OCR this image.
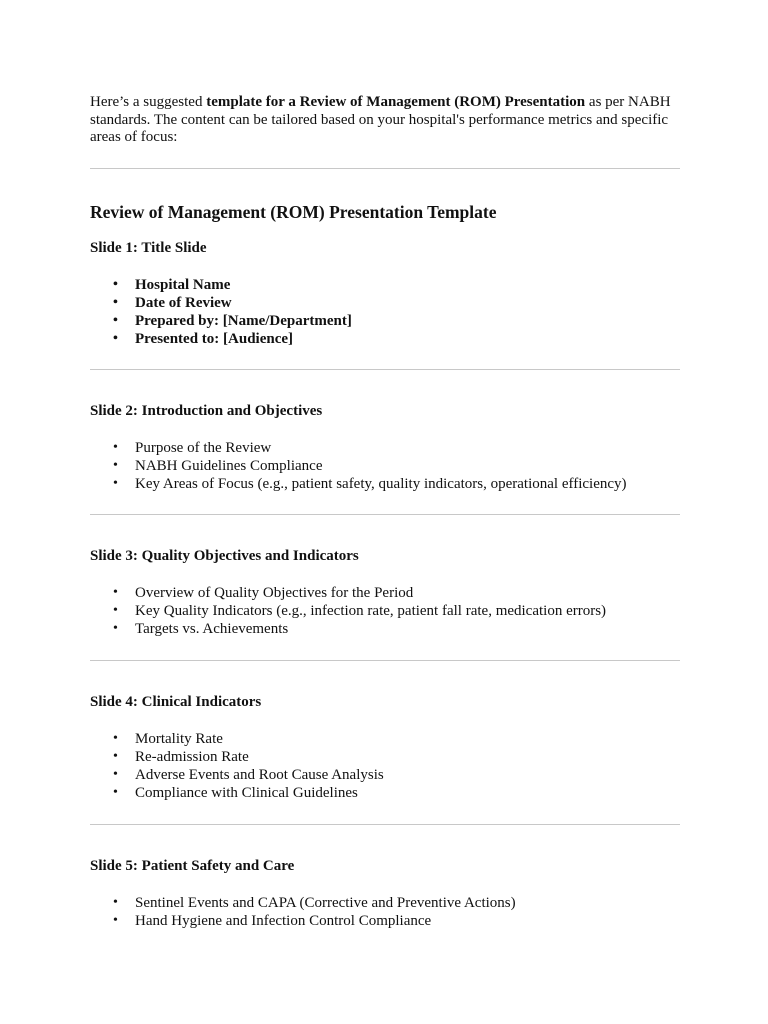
Here’s a suggested template for a Review of Management (ROM) Presentation as per NABH standards. The content can be tailored based on your hospital's performance metrics and specific areas of focus:

Review of Management (ROM) Presentation Template
Slide 1: Title Slide
• Hospital Name
• Date of Review
• Prepared by: [Name/Department]
• Presented to: [Audience]
Slide 2: Introduction and Objectives
• Purpose of the Review
• NABH Guidelines Compliance
• Key Areas of Focus (e.g., patient safety, quality indicators, operational efficiency)
Slide 3: Quality Objectives and Indicators
• Overview of Quality Objectives for the Period
• Key Quality Indicators (e.g., infection rate, patient fall rate, medication errors)
• Targets vs. Achievements
Slide 4: Clinical Indicators
• Mortality Rate
• Re-admission Rate
• Adverse Events and Root Cause Analysis
• Compliance with Clinical Guidelines
Slide 5: Patient Safety and Care
• Sentinel Events and CAPA (Corrective and Preventive Actions)
• Hand Hygiene and Infection Control Compliance
